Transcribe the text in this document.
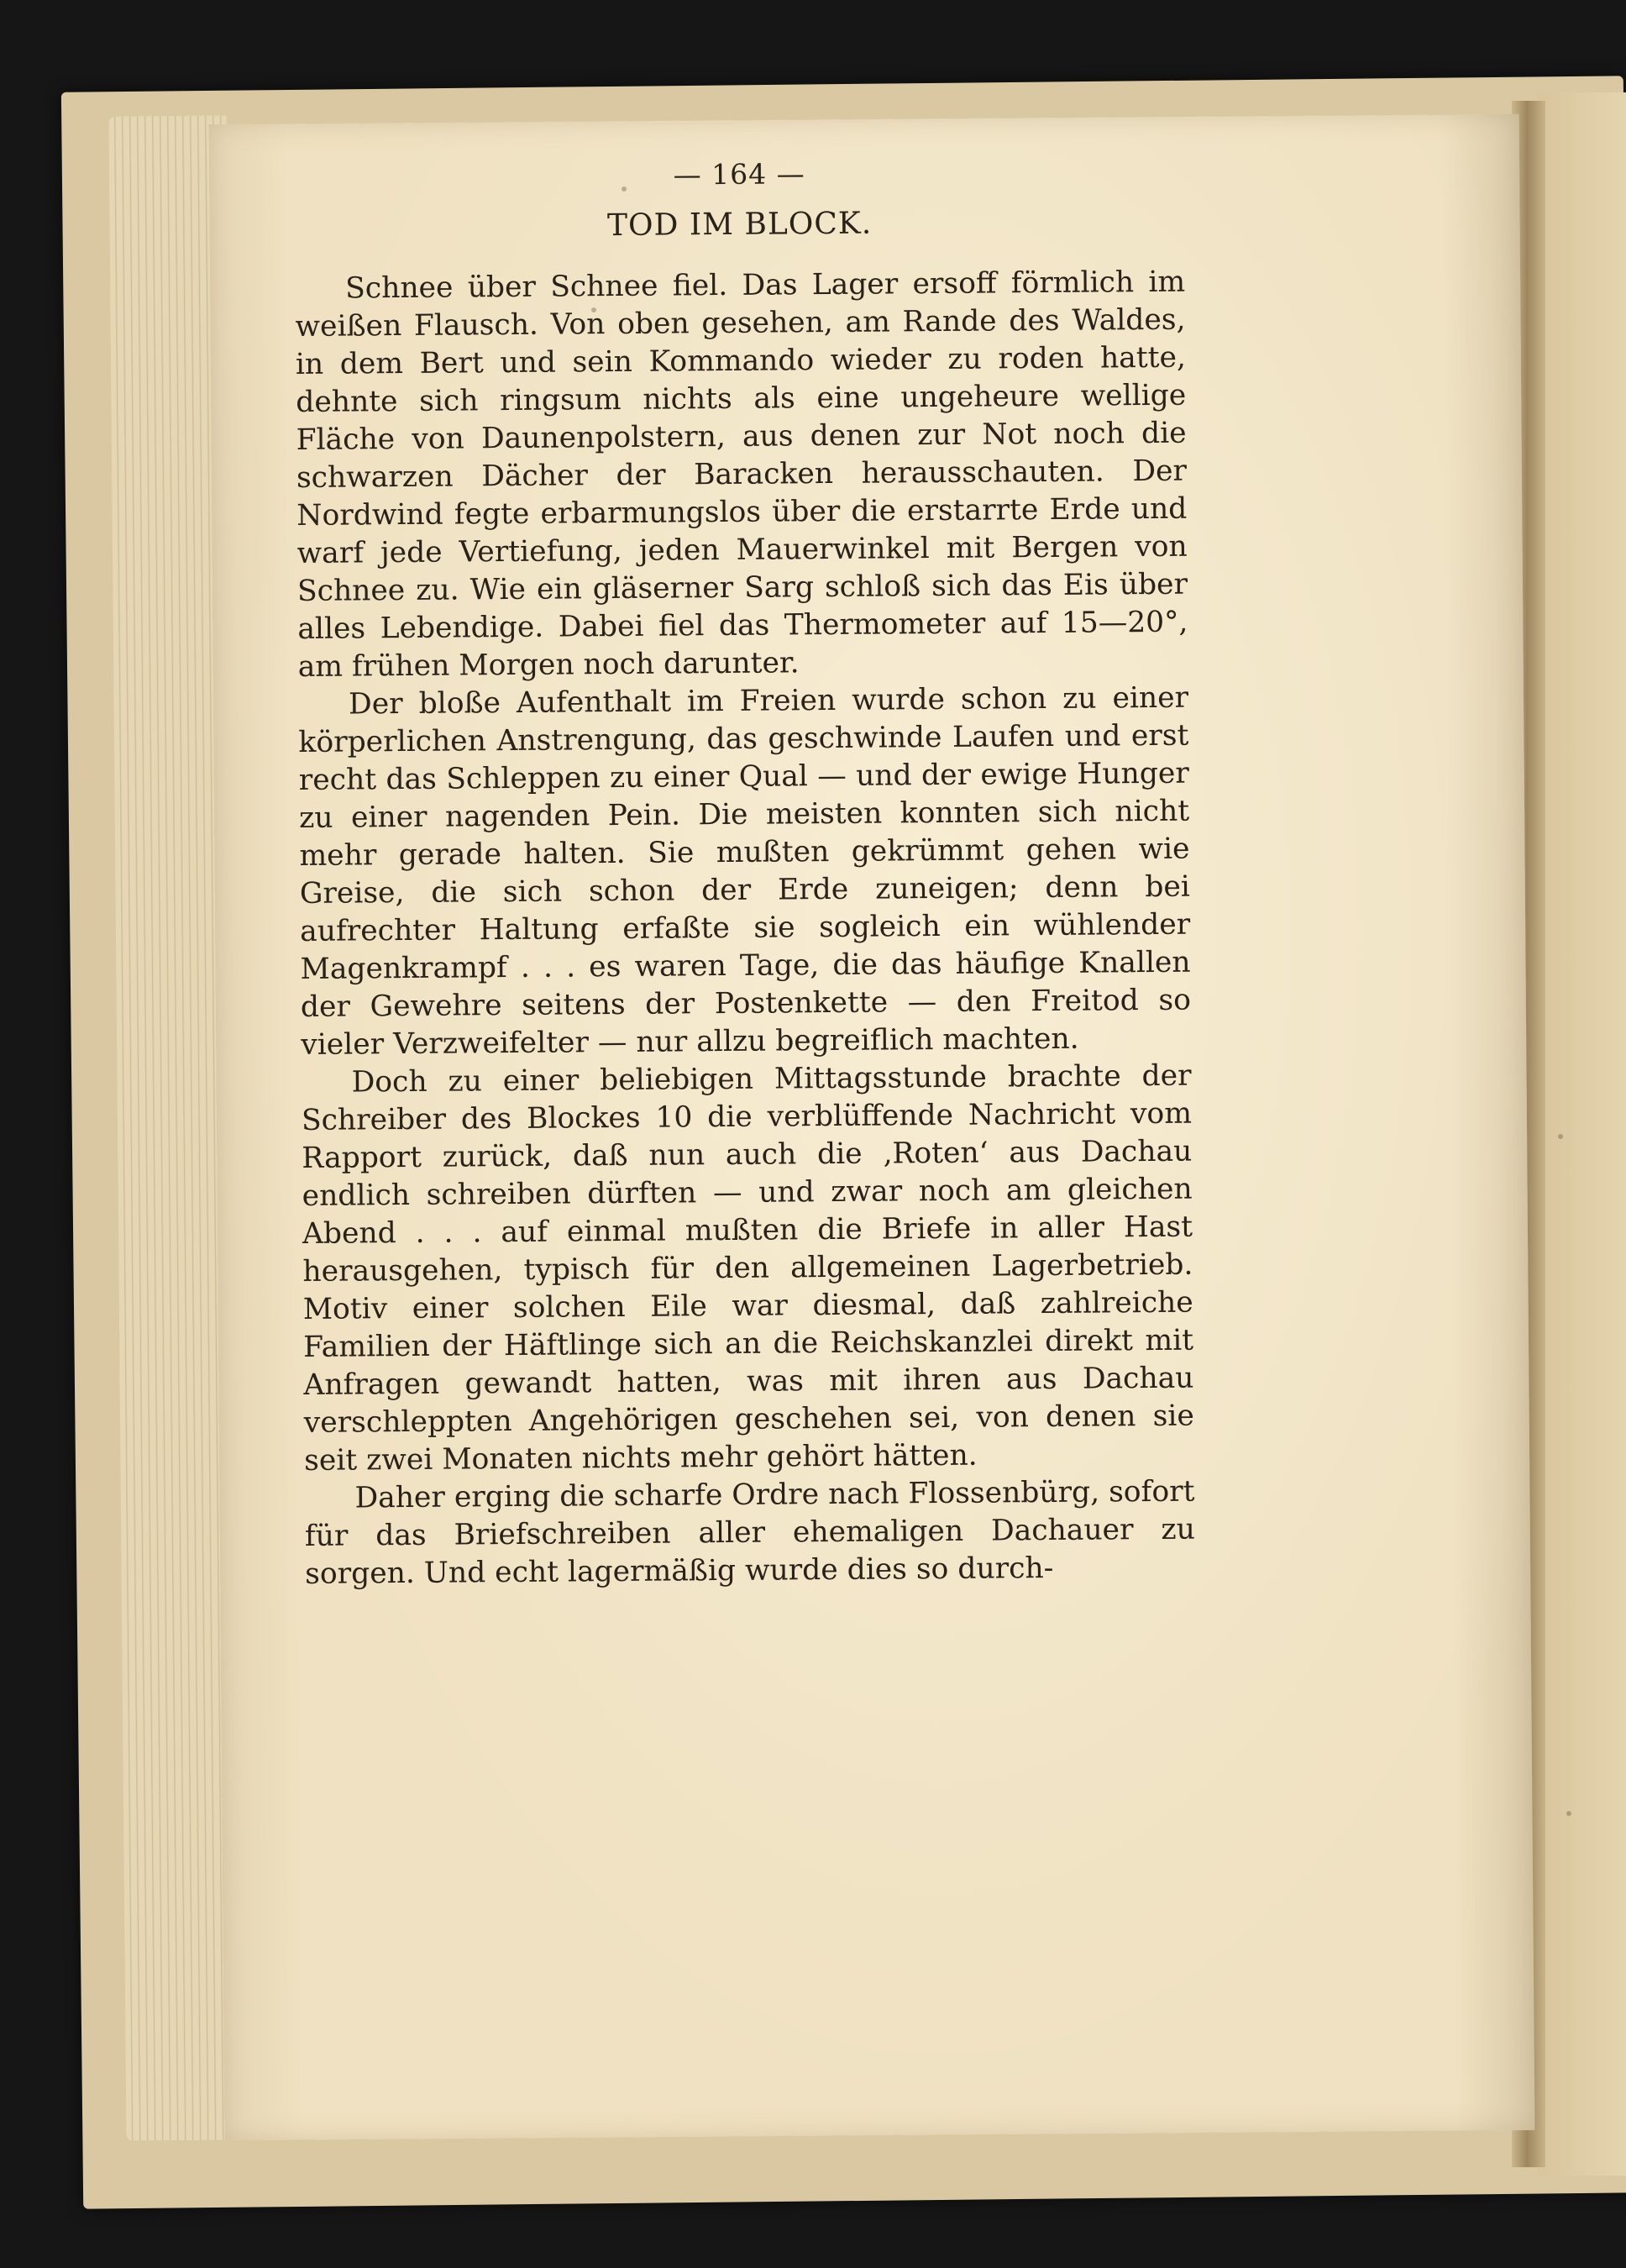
— 164 —
TOD IM BLOCK.

Schnee über Schnee fiel. Das Lager ersoff förmlich im weißen Flausch. Von oben gesehen, am Rande des Waldes, in dem Bert und sein Kommando wieder zu roden hatte, dehnte sich ringsum nichts als eine ungeheure wellige Fläche von Daunenpolstern, aus denen zur Not noch die schwarzen Dächer der Baracken herausschauten. Der Nordwind fegte erbarmungslos über die erstarrte Erde und warf jede Vertiefung, jeden Mauerwinkel mit Bergen von Schnee zu. Wie ein gläserner Sarg schloß sich das Eis über alles Lebendige. Dabei fiel das Thermometer auf 15—20°, am frühen Morgen noch darunter.

Der bloße Aufenthalt im Freien wurde schon zu einer körperlichen Anstrengung, das geschwinde Laufen und erst recht das Schleppen zu einer Qual — und der ewige Hunger zu einer nagenden Pein. Die meisten konnten sich nicht mehr gerade halten. Sie mußten gekrümmt gehen wie Greise, die sich schon der Erde zuneigen; denn bei aufrechter Haltung erfaßte sie sogleich ein wühlender Magenkrampf . . . es waren Tage, die das häufige Knallen der Gewehre seitens der Postenkette — den Freitod so vieler Verzweifelter — nur allzu begreiflich machten.

Doch zu einer beliebigen Mittagsstunde brachte der Schreiber des Blockes 10 die verblüffende Nachricht vom Rapport zurück, daß nun auch die ‚Roten‘ aus Dachau endlich schreiben dürften — und zwar noch am gleichen Abend . . . auf einmal mußten die Briefe in aller Hast herausgehen, typisch für den allgemeinen Lagerbetrieb. Motiv einer solchen Eile war diesmal, daß zahlreiche Familien der Häftlinge sich an die Reichskanzlei direkt mit Anfragen gewandt hatten, was mit ihren aus Dachau verschleppten Angehörigen geschehen sei, von denen sie seit zwei Monaten nichts mehr gehört hätten.

Daher erging die scharfe Ordre nach Flossenbürg, sofort für das Briefschreiben aller ehemaligen Dachauer zu sorgen. Und echt lagermäßig wurde dies so durch-
